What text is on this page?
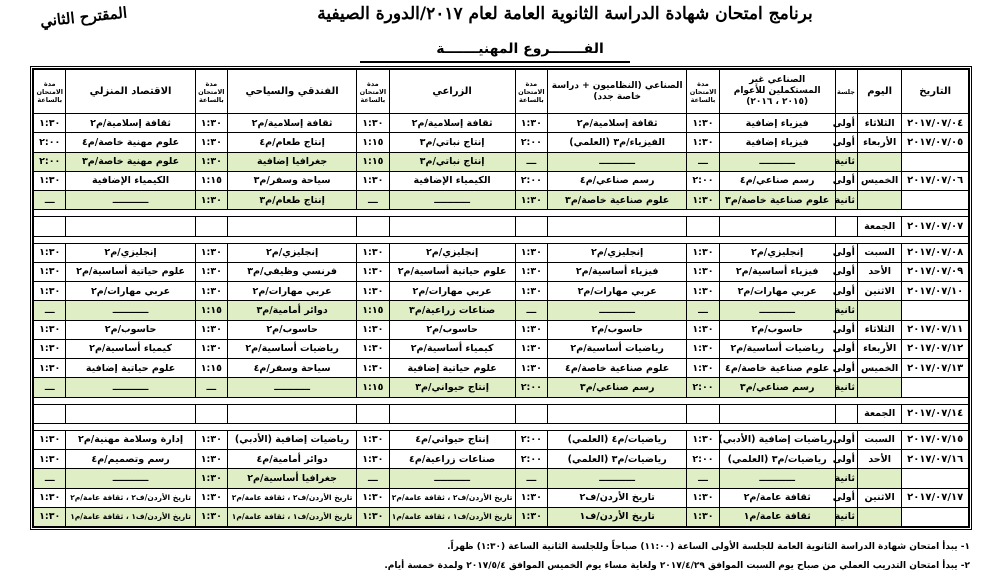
برنامج امتحان شهادة الدراسة الثانوية العامة لعام ٢٠١٧/الدورة الصيفية
المقترح الثاني
الفـــــــروع المهنيـــــــة
التاريخ	اليوم	جلسة	الصناعي غير المستكملين للأعوام (٢٠١٥ ، ٢٠١٦)	مدة الامتحان بالساعة	الصناعي (النظاميون + دراسة خاصة جدد)	مدة الامتحان بالساعة	الزراعي	مدة الامتحان بالساعة	الفندقي والسياحي	مدة الامتحان بالساعة	الاقتصاد المنزلي	مدة الامتحان بالساعة
٢٠١٧/٠٧/٠٤	الثلاثاء	أولى	فيزياء إضافية	١:٣٠	ثقافة إسلامية/م٢	١:٣٠	ثقافة إسلامية/م٢	١:٣٠	ثقافة إسلامية/م٢	١:٣٠	ثقافة إسلامية/م٢	١:٣٠
٢٠١٧/٠٧/٠٥	الأربعاء	أولى	فيزياء إضافية	١:٣٠	الفيزياء/م٣ (العلمي)	٢:٠٠	إنتاج نباتي/م٣	١:١٥	إنتاج طعام/م٤	١:٣٠	علوم مهنية خاصة/م٤	٢:٠٠
		ثانية	ـــــــــــ	ـــ	ـــــــــــ	ـــ	إنتاج نباتي/م٣	١:١٥	جغرافيا إضافية	١:٣٠	علوم مهنية خاصة/م٣	٢:٠٠
٢٠١٧/٠٧/٠٦	الخميس	أولى	رسم صناعي/م٤	٢:٠٠	رسم صناعي/م٤	٢:٠٠	الكيمياء الإضافية	١:٣٠	سياحة وسفر/م٣	١:١٥	الكيمياء الإضافية	١:٣٠
		ثانية	علوم صناعية خاصة/م٣	١:٣٠	علوم صناعية خاصة/م٣	١:٣٠	ـــــــــــ	ـــ	إنتاج طعام/م٣	١:٣٠	ـــــــــــ	ـــ

٢٠١٧/٠٧/٠٧	الجمعة											

٢٠١٧/٠٧/٠٨	السبت	أولى	إنجليزي/م٢	١:٣٠	إنجليزي/م٢	١:٣٠	إنجليزي/م٢	١:٣٠	إنجليزي/م٢	١:٣٠	إنجليزي/م٢	١:٣٠
٢٠١٧/٠٧/٠٩	الأحد	أولى	فيزياء أساسية/م٢	١:٣٠	فيزياء أساسية/م٢	١:٣٠	علوم حياتية أساسية/م٢	١:٣٠	فرنسي وظيفي/م٣	١:٣٠	علوم حياتية أساسية/م٢	١:٣٠
٢٠١٧/٠٧/١٠	الاثنين	أولى	عربي مهارات/م٢	١:٣٠	عربي مهارات/م٢	١:٣٠	عربي مهارات/م٢	١:٣٠	عربي مهارات/م٢	١:٣٠	عربي مهارات/م٢	١:٣٠
		ثانية	ـــــــــــ	ـــ	ـــــــــــ	ـــ	صناعات زراعية/م٣	١:١٥	دوائر أمامية/م٣	١:١٥	ـــــــــــ	ـــ
٢٠١٧/٠٧/١١	الثلاثاء	أولى	حاسوب/م٢	١:٣٠	حاسوب/م٢	١:٣٠	حاسوب/م٢	١:٣٠	حاسوب/م٢	١:٣٠	حاسوب/م٢	١:٣٠
٢٠١٧/٠٧/١٢	الأربعاء	أولى	رياضيات أساسية/م٢	١:٣٠	رياضيات أساسية/م٢	١:٣٠	كيمياء أساسية/م٢	١:٣٠	رياضيات أساسية/م٢	١:٣٠	كيمياء أساسية/م٢	١:٣٠
٢٠١٧/٠٧/١٣	الخميس	أولى	علوم صناعية خاصة/م٤	١:٣٠	علوم صناعية خاصة/م٤	١:٣٠	علوم حياتية إضافية	١:٣٠	سياحة وسفر/م٤	١:١٥	علوم حياتية إضافية	١:٣٠
		ثانية	رسم صناعي/م٣	٢:٠٠	رسم صناعي/م٣	٢:٠٠	إنتاج حيواني/م٣	١:١٥	ـــــــــــ	ـــ	ـــــــــــ	ـــ

٢٠١٧/٠٧/١٤	الجمعة											

٢٠١٧/٠٧/١٥	السبت	أولى	رياضيات إضافية (الأدبي)	١:٣٠	رياضيات/م٤ (العلمي)	٢:٠٠	إنتاج حيواني/م٤	١:٣٠	رياضيات إضافية (الأدبي)	١:٣٠	إدارة وسلامة مهنية/م٢	١:٣٠
٢٠١٧/٠٧/١٦	الأحد	أولى	رياضيات/م٣ (العلمي)	٢:٠٠	رياضيات/م٣ (العلمي)	٢:٠٠	صناعات زراعية/م٤	١:٣٠	دوائر أمامية/م٤	١:٣٠	رسم وتصميم/م٤	١:٣٠
		ثانية	ـــــــــــ	ـــ	ـــــــــــ	ـــ	ـــــــــــ	ـــ	جغرافيا أساسية/م٢	١:٣٠	ـــــــــــ	ـــ
٢٠١٧/٠٧/١٧	الاثنين	أولى	ثقافة عامة/م٢	١:٣٠	تاريخ الأردن/ف٢	١:٣٠	تاريخ الأردن/ف٢ ، ثقافة عامة/م٢	١:٣٠	تاريخ الأردن/ف٢ ، ثقافة عامة/م٢	١:٣٠	تاريخ الأردن/ف٢ ، ثقافة عامة/م٢	١:٣٠
		ثانية	ثقافة عامة/م١	١:٣٠	تاريخ الأردن/ف١	١:٣٠	تاريخ الأردن/ف١ ، ثقافة عامة/م١	١:٣٠	تاريخ الأردن/ف١ ، ثقافة عامة/م١	١:٣٠	تاريخ الأردن/ف١ ، ثقافة عامة/م١	١:٣٠
١- يبدأ امتحان شهادة الدراسة الثانوية العامة للجلسة الأولى الساعة (١١:٠٠) صباحاً وللجلسة الثانية الساعة (١:٣٠) ظهراً.
٢- يبدأ امتحان التدريب العملي من صباح يوم السبت الموافق ٢٠١٧/٤/٢٩ ولغاية مساء يوم الخميس الموافق ٢٠١٧/٥/٤ ولمدة خمسة أيام.
